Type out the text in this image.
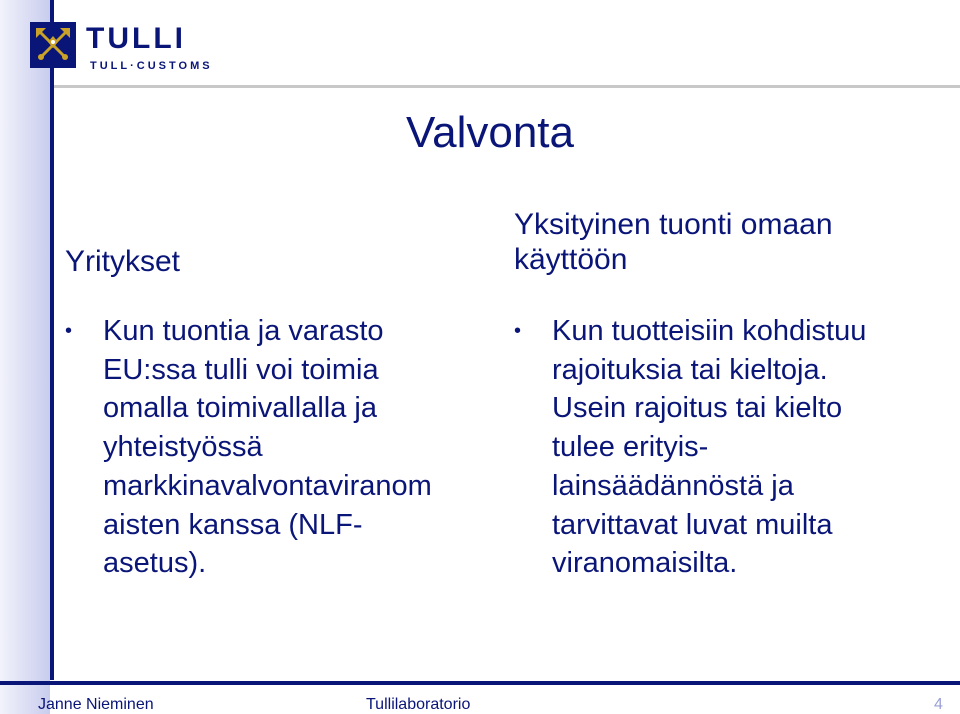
TULLI

TULL·CUSTOMS

Valvonta
Yritykset
•	Kun tuontia ja varasto
EU:ssa tulli voi toimia
omalla toimivallalla ja
yhteistyössä
markkinavalvontaviranom
aisten kanssa (NLF-
asetus).

Yksityinen tuonti omaan
käyttöön
•	Kun tuotteisiin kohdistuu
rajoituksia tai kieltoja.
Usein rajoitus tai kielto
tulee erityis-
lainsäädännöstä ja
tarvittavat luvat muilta
viranomaisilta.

Janne Nieminen	Tullilaboratorio	4
